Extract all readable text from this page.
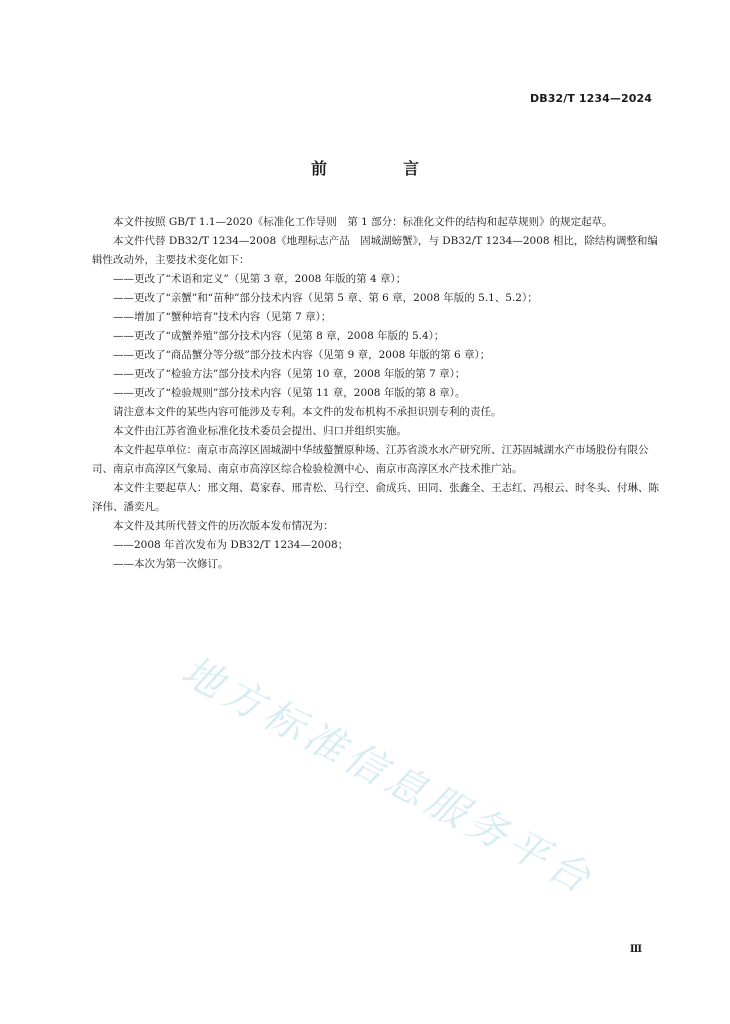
DB32/T 1234—2024
前　言

本文件按照 GB/T 1.1—2020《标准化工作导则　第 1 部分：标准化文件的结构和起草规则》的规定起草。

本文件代替 DB32/T 1234—2008《地理标志产品　固城湖螃蟹》，与 DB32/T 1234—2008 相比，除结构调整和编辑性改动外，主要技术变化如下：

——更改了“术语和定义”（见第 3 章，2008 年版的第 4 章）；

——更改了“亲蟹”和“苗种”部分技术内容（见第 5 章、第 6 章，2008 年版的 5.1、5.2）；

——增加了“蟹种培育”技术内容（见第 7 章）；

——更改了“成蟹养殖”部分技术内容（见第 8 章，2008 年版的 5.4）；

——更改了“商品蟹分等分级”部分技术内容（见第 9 章，2008 年版的第 6 章）；

——更改了“检验方法”部分技术内容（见第 10 章，2008 年版的第 7 章）；

——更改了“检验规则”部分技术内容（见第 11 章，2008 年版的第 8 章）。

请注意本文件的某些内容可能涉及专利。本文件的发布机构不承担识别专利的责任。

本文件由江苏省渔业标准化技术委员会提出、归口并组织实施。

本文件起草单位：南京市高淳区固城湖中华绒螯蟹原种场、江苏省淡水水产研究所、江苏固城湖水产市场股份有限公司、南京市高淳区气象局、南京市高淳区综合检验检测中心、南京市高淳区水产技术推广站。

本文件主要起草人：邢文翔、葛家春、邢青松、马行空、俞成兵、田同、张鑫全、王志红、冯根云、时冬头、付琳、陈泽伟、潘奕凡。

本文件及其所代替文件的历次版本发布情况为：

——2008 年首次发布为 DB32/T 1234—2008；

——本次为第一次修订。

地方标准信息服务平台
Ⅲ
